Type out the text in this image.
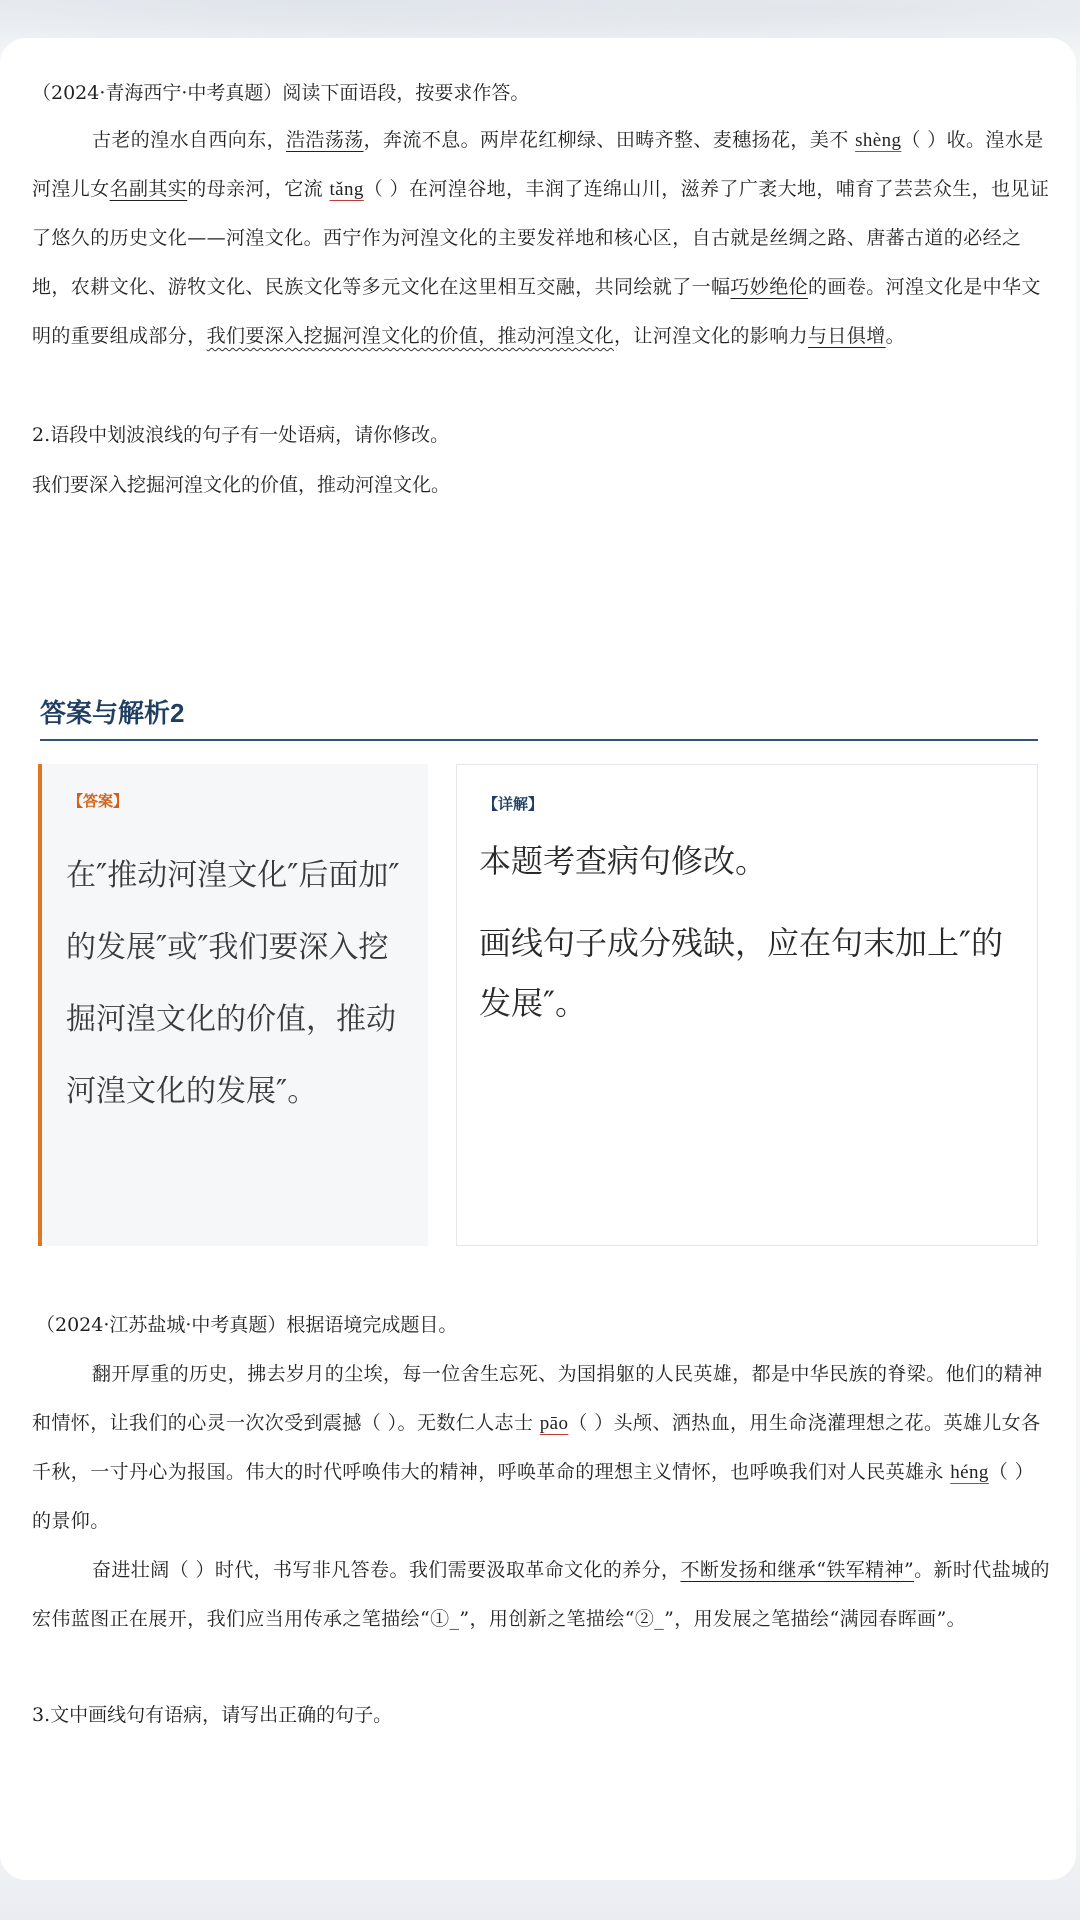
（2024·青海西宁·中考真题）阅读下面语段，按要求作答。

古老的湟水自西向东，浩浩荡荡，奔流不息。两岸花红柳绿、田畴齐整、麦穗扬花，美不 shèng（ ）收。湟水是河湟儿女名副其实的母亲河，它流 tǎng（ ）在河湟谷地，丰润了连绵山川，滋养了广袤大地，哺育了芸芸众生，也见证了悠久的历史文化——河湟文化。西宁作为河湟文化的主要发祥地和核心区，自古就是丝绸之路、唐蕃古道的必经之地，农耕文化、游牧文化、民族文化等多元文化在这里相互交融，共同绘就了一幅巧妙绝伦的画卷。河湟文化是中华文明的重要组成部分，我们要深入挖掘河湟文化的价值，推动河湟文化，让河湟文化的影响力与日俱增。

2.语段中划波浪线的句子有一处语病，请你修改。
我们要深入挖掘河湟文化的价值，推动河湟文化。
答案与解析2
【答案】
在″推动河湟文化″后面加″的发展″或″我们要深入挖掘河湟文化的价值，推动河湟文化的发展″。
【详解】

本题考查病句修改。

画线句子成分残缺，应在句末加上″的发展″。

（2024·江苏盐城·中考真题）根据语境完成题目。

翻开厚重的历史，拂去岁月的尘埃，每一位舍生忘死、为国捐躯的人民英雄，都是中华民族的脊梁。他们的精神和情怀，让我们的心灵一次次受到震撼（ ）。无数仁人志士 pāo（ ）头颅、洒热血，用生命浇灌理想之花。英雄儿女各千秋，一寸丹心为报国。伟大的时代呼唤伟大的精神，呼唤革命的理想主义情怀，也呼唤我们对人民英雄永 héng（ ）的景仰。

奋进壮阔（ ）时代，书写非凡答卷。我们需要汲取革命文化的养分，不断发扬和继承“铁军精神”。新时代盐城的宏伟蓝图正在展开，我们应当用传承之笔描绘“①_”，用创新之笔描绘“②_”，用发展之笔描绘“满园春晖画”。

3.文中画线句有语病，请写出正确的句子。
